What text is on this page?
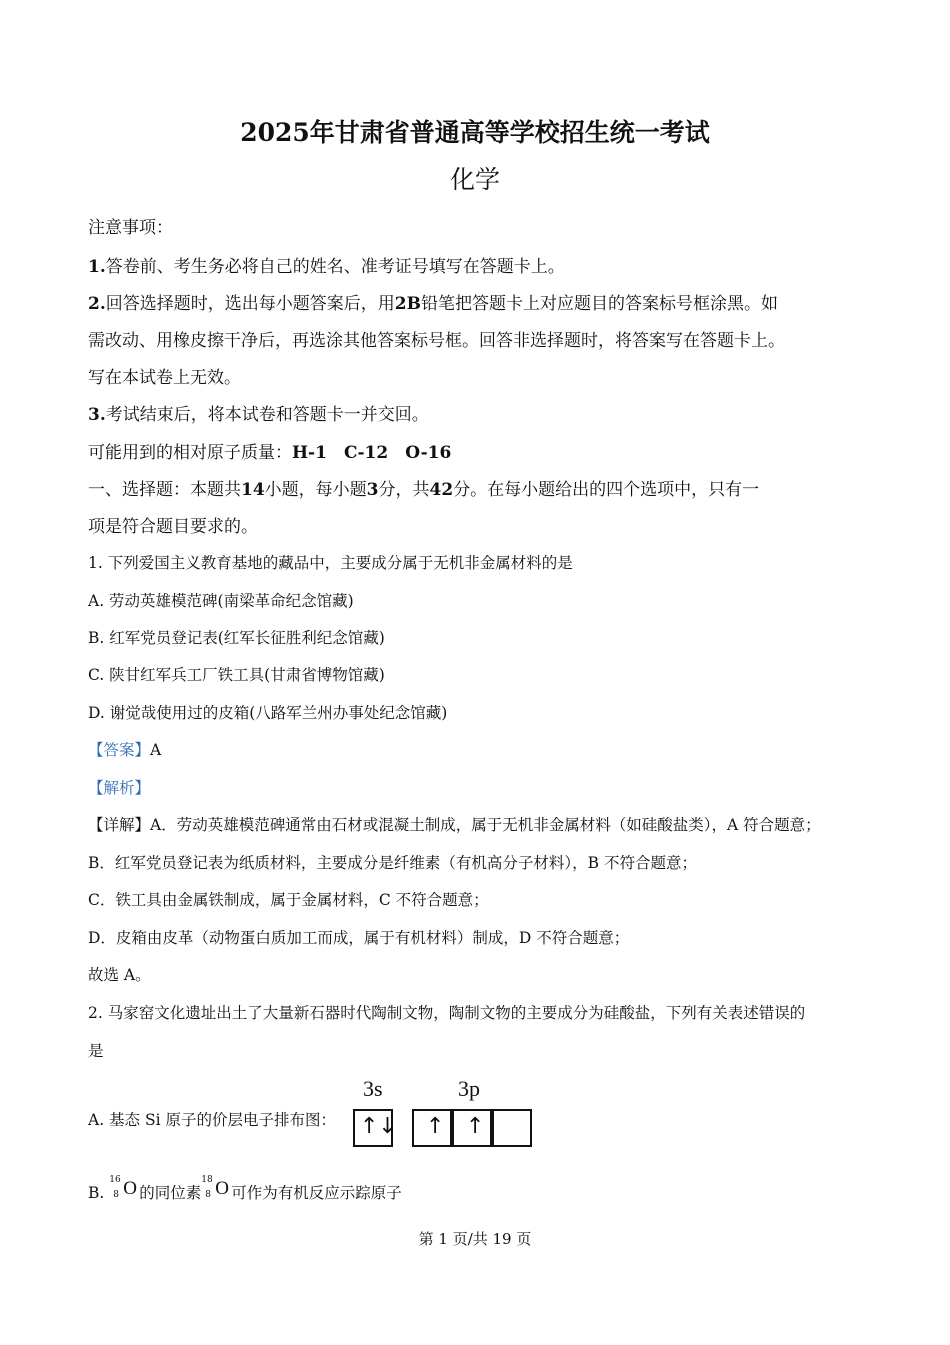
2025年甘肃省普通高等学校招生统一考试
化学
注意事项：
1.答卷前、考生务必将自己的姓名、准考证号填写在答题卡上。
2.回答选择题时，选出每小题答案后，用2B铅笔把答题卡上对应题目的答案标号框涂黑。如
需改动、用橡皮擦干净后，再选涂其他答案标号框。回答非选择题时，将答案写在答题卡上。
写在本试卷上无效。
3.考试结束后，将本试卷和答题卡一并交回。
可能用到的相对原子质量：H-1　C-12　O-16
一、选择题：本题共14小题，每小题3分，共42分。在每小题给出的四个选项中，只有一
项是符合题目要求的。
1. 下列爱国主义教育基地的藏品中，主要成分属于无机非金属材料的是
A. 劳动英雄模范碑(南梁革命纪念馆藏)
B. 红军党员登记表(红军长征胜利纪念馆藏)
C. 陕甘红军兵工厂铁工具(甘肃省博物馆藏)
D. 谢觉哉使用过的皮箱(八路军兰州办事处纪念馆藏)
【答案】A
【解析】
【详解】A．劳动英雄模范碑通常由石材或混凝土制成，属于无机非金属材料（如硅酸盐类），A 符合题意；
B．红军党员登记表为纸质材料，主要成分是纤维素（有机高分子材料），B 不符合题意；
C．铁工具由金属铁制成，属于金属材料，C 不符合题意；
D．皮箱由皮革（动物蛋白质加工而成，属于有机材料）制成，D 不符合题意；
故选 A。
2. 马家窑文化遗址出土了大量新石器时代陶制文物，陶制文物的主要成分为硅酸盐，下列有关表述错误的
是
A. 基态 Si 原子的价层电子排布图：
3s	3p
↑↓ ↑ ↑
B.
16
8 O 的同位素
18
8 O 可作为有机反应示踪原子
第 1 页/共 19 页
